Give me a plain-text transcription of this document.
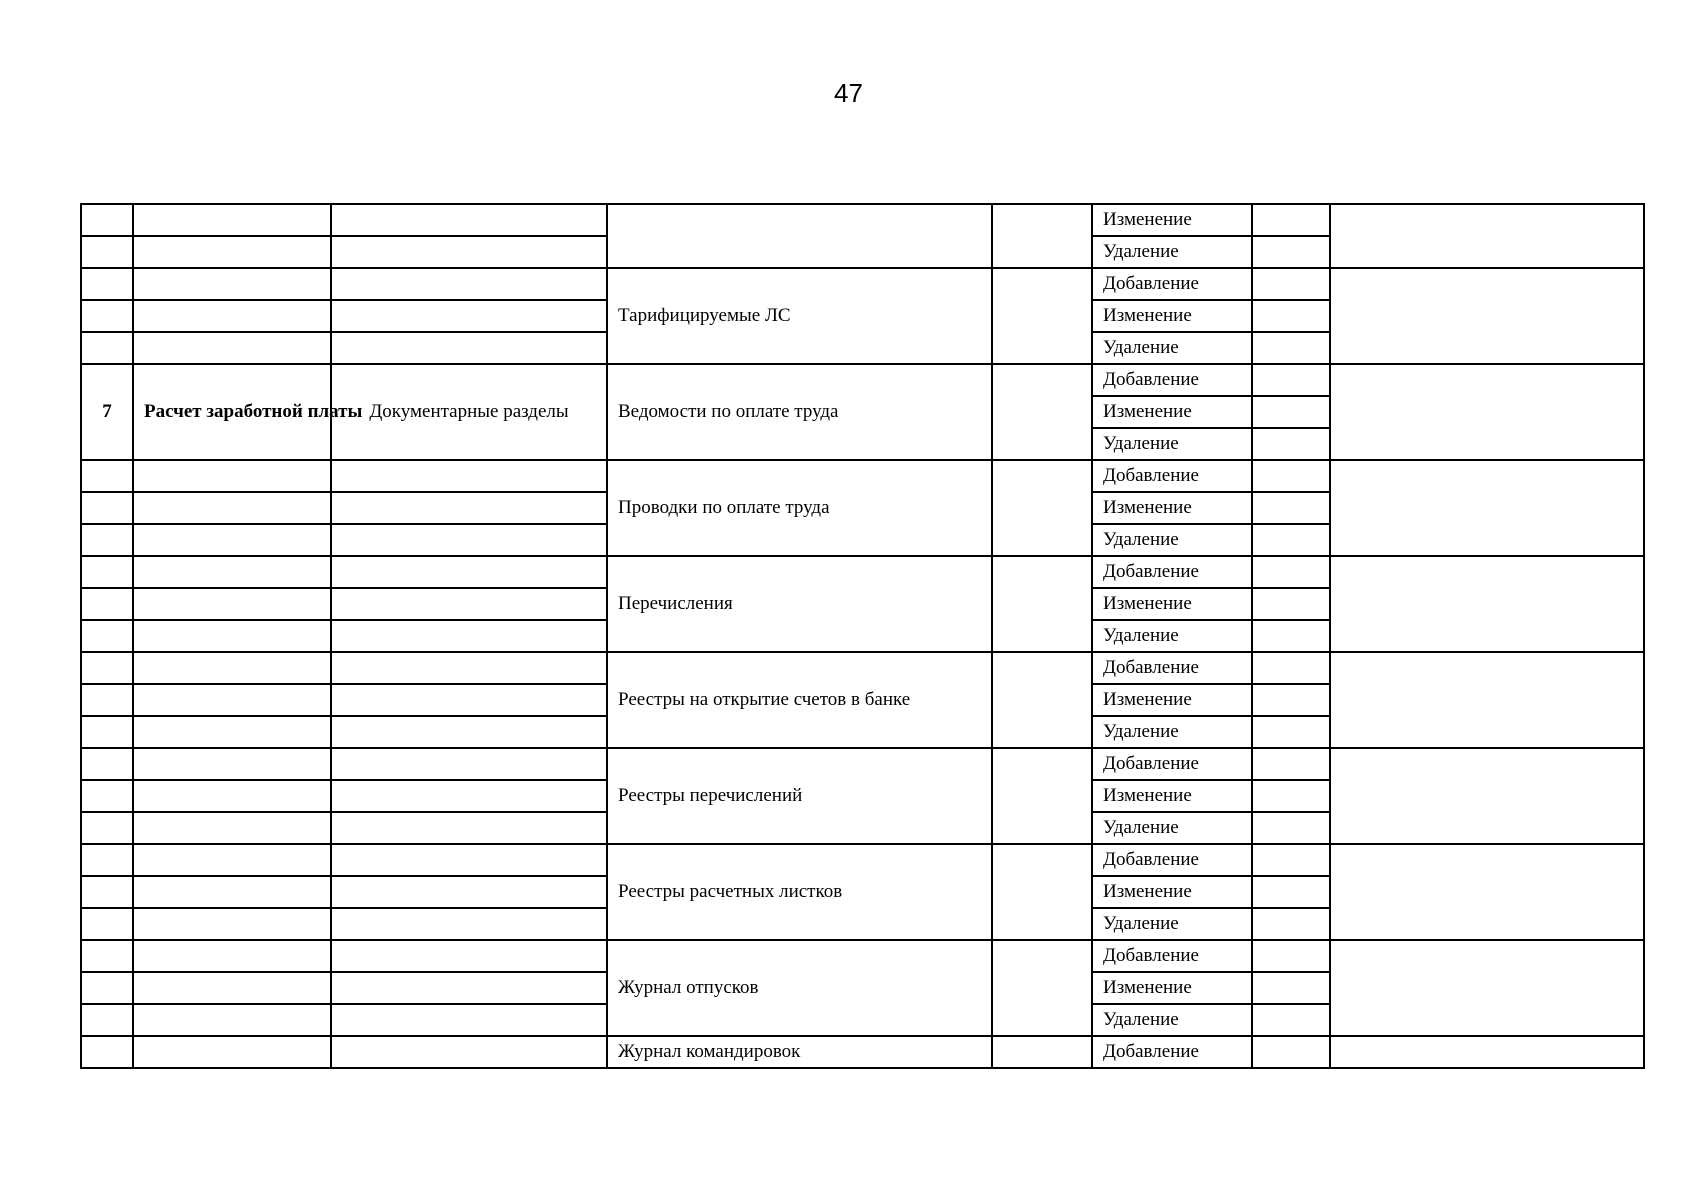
47
					Изменение		
					Удаление		
			Тарифицируемые ЛС		Добавление		
					Изменение		
					Удаление		
7	Расчет заработной платы	Документарные разделы	Ведомости по оплате труда		Добавление		
					Изменение		
					Удаление		
			Проводки по оплате труда		Добавление		
					Изменение		
					Удаление		
			Перечисления		Добавление		
					Изменение		
					Удаление		
			Реестры на открытие счетов в банке		Добавление		
					Изменение		
					Удаление		
			Реестры перечислений		Добавление		
					Изменение		
					Удаление		
			Реестры расчетных листков		Добавление		
					Изменение		
					Удаление		
			Журнал отпусков		Добавление		
					Изменение		
					Удаление		
			Журнал командировок		Добавление		
